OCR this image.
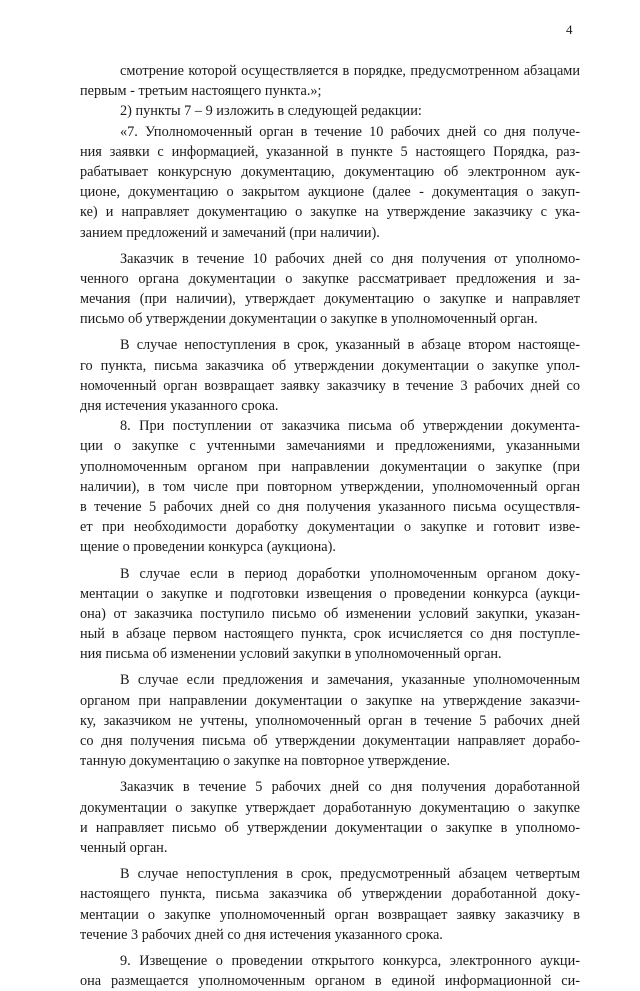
4
смотрение которой осуществляется в порядке, предусмотренном абзацами
первым - третьим настоящего пункта.»;
2) пункты 7 – 9 изложить в следующей редакции:
«7. Уполномоченный орган в течение 10 рабочих дней со дня получе-
ния заявки с информацией, указанной в пункте 5 настоящего Порядка, раз-
рабатывает конкурсную документацию, документацию об электронном аук-
ционе, документацию о закрытом аукционе (далее - документация о закуп-
ке) и направляет документацию о закупке на утверждение заказчику с ука-
занием предложений и замечаний (при наличии).
Заказчик в течение 10 рабочих дней со дня получения от уполномо-
ченного органа документации о закупке рассматривает предложения и за-
мечания (при наличии), утверждает документацию о закупке и направляет
письмо об утверждении документации о закупке в уполномоченный орган.
В случае непоступления в срок, указанный в абзаце втором настояще-
го пункта, письма заказчика об утверждении документации о закупке упол-
номоченный орган возвращает заявку заказчику в течение 3 рабочих дней со
дня истечения указанного срока.
8. При поступлении от заказчика письма об утверждении документа-
ции о закупке с учтенными замечаниями и предложениями, указанными
уполномоченным органом при направлении документации о закупке (при
наличии), в том числе при повторном утверждении, уполномоченный орган
в течение 5 рабочих дней со дня получения указанного письма осуществля-
ет при необходимости доработку документации о закупке и готовит изве-
щение о проведении конкурса (аукциона).
В случае если в период доработки уполномоченным органом доку-
ментации о закупке и подготовки извещения о проведении конкурса (аукци-
она) от заказчика поступило письмо об изменении условий закупки, указан-
ный в абзаце первом настоящего пункта, срок исчисляется со дня поступле-
ния письма об изменении условий закупки в уполномоченный орган.
В случае если предложения и замечания, указанные уполномоченным
органом при направлении документации о закупке на утверждение заказчи-
ку, заказчиком не учтены, уполномоченный орган в течение 5 рабочих дней
со дня получения письма об утверждении документации направляет дорабо-
танную документацию о закупке на повторное утверждение.
Заказчик в течение 5 рабочих дней со дня получения доработанной
документации о закупке утверждает доработанную документацию о закупке
и направляет письмо об утверждении документации о закупке в уполномо-
ченный орган.
В случае непоступления в срок, предусмотренный абзацем четвертым
настоящего пункта, письма заказчика об утверждении доработанной доку-
ментации о закупке уполномоченный орган возвращает заявку заказчику в
течение 3 рабочих дней со дня истечения указанного срока.
9. Извещение о проведении открытого конкурса, электронного аукци-
она размещается уполномоченным органом в единой информационной си-
